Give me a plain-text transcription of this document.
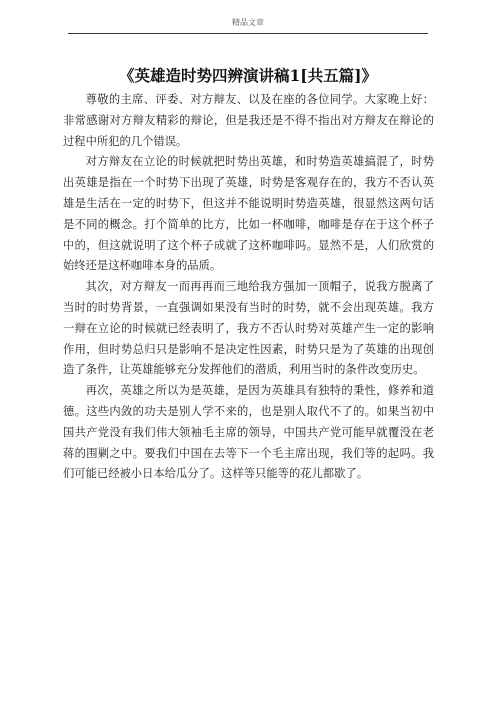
精品文章
《英雄造时势四辨演讲稿1[共五篇]》

尊敬的主席、评委、对方辩友、以及在座的各位同学。大家晚上好：非常感谢对方辩友精彩的辩论，但是我还是不得不指出对方辩友在辩论的过程中所犯的几个错误。

对方辩友在立论的时候就把时势出英雄，和时势造英雄搞混了，时势出英雄是指在一个时势下出现了英雄，时势是客观存在的，我方不否认英雄是生活在一定的时势下，但这并不能说明时势造英雄，很显然这两句话是不同的概念。打个简单的比方，比如一杯咖啡，咖啡是存在于这个杯子中的，但这就说明了这个杯子成就了这杯咖啡吗。显然不是，人们欣赏的始终还是这杯咖啡本身的品质。

其次，对方辩友一而再再而三地给我方强加一顶帽子，说我方脱离了当时的时势背景，一直强调如果没有当时的时势，就不会出现英雄。我方一辩在立论的时候就已经表明了，我方不否认时势对英雄产生一定的影响作用，但时势总归只是影响不是决定性因素，时势只是为了英雄的出现创造了条件，让英雄能够充分发挥他们的潜质，利用当时的条件改变历史。

再次，英雄之所以为是英雄，是因为英雄具有独特的秉性，修养和道德。这些内敛的功夫是别人学不来的，也是别人取代不了的。如果当初中国共产党没有我们伟大领袖毛主席的领导，中国共产党可能早就覆没在老蒋的围剿之中。要我们中国在去等下一个毛主席出现，我们等的起吗。我们可能已经被小日本给瓜分了。这样等只能等的花儿都歇了。
